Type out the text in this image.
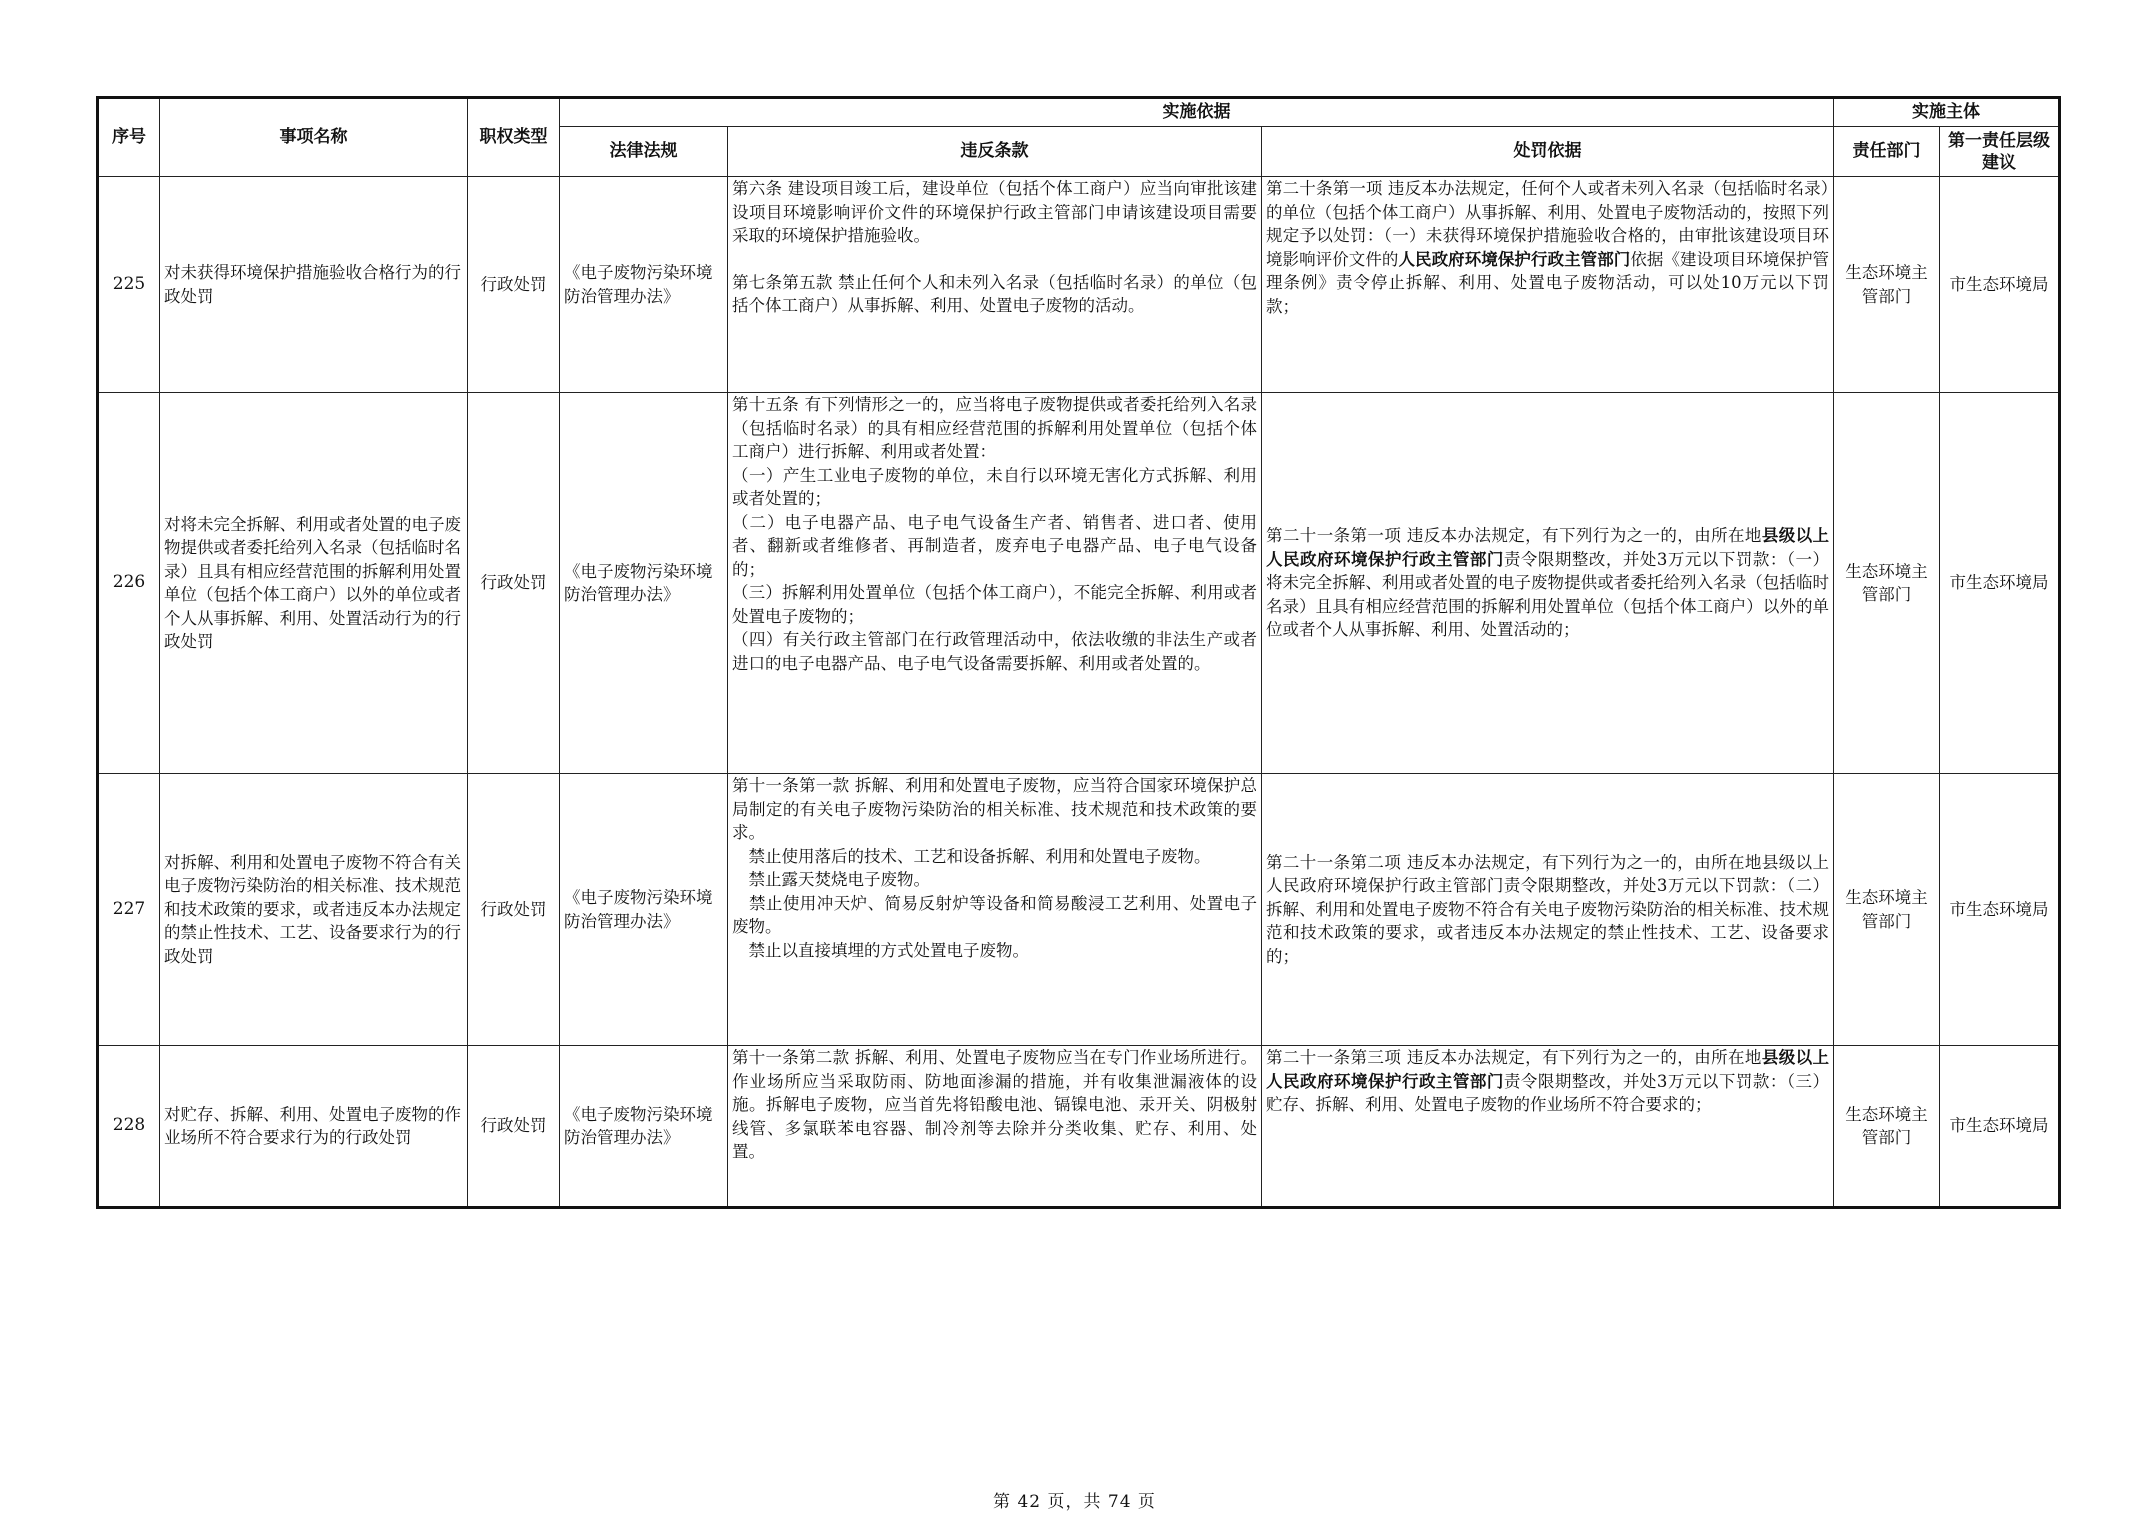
序号	事项名称	职权类型	实施依据			实施主体	
			法律法规	违反条款	处罚依据	责任部门	第一责任层级建议
225	对未获得环境保护措施验收合格行为的行政处罚	行政处罚	《电子废物污染环境防治管理办法》	第六条 建设项目竣工后，建设单位（包括个体工商户）应当向审批该建设项目环境影响评价文件的环境保护行政主管部门申请该建设项目需要采取的环境保护措施验收。

第七条第五款 禁止任何个人和未列入名录（包括临时名录）的单位（包括个体工商户）从事拆解、利用、处置电子废物的活动。	第二十条第一项 违反本办法规定，任何个人或者未列入名录（包括临时名录）的单位（包括个体工商户）从事拆解、利用、处置电子废物活动的，按照下列规定予以处罚：（一）未获得环境保护措施验收合格的，由审批该建设项目环境影响评价文件的人民政府环境保护行政主管部门依据《建设项目环境保护管理条例》责令停止拆解、利用、处置电子废物活动，可以处10万元以下罚款；	生态环境主管部门	市生态环境局
226	对将未完全拆解、利用或者处置的电子废物提供或者委托给列入名录（包括临时名录）且具有相应经营范围的拆解利用处置单位（包括个体工商户）以外的单位或者个人从事拆解、利用、处置活动行为的行政处罚	行政处罚	《电子废物污染环境防治管理办法》	第十五条 有下列情形之一的，应当将电子废物提供或者委托给列入名录（包括临时名录）的具有相应经营范围的拆解利用处置单位（包括个体工商户）进行拆解、利用或者处置：

（一）产生工业电子废物的单位，未自行以环境无害化方式拆解、利用或者处置的；

（二）电子电器产品、电子电气设备生产者、销售者、进口者、使用者、翻新或者维修者、再制造者，废弃电子电器产品、电子电气设备的；

（三）拆解利用处置单位（包括个体工商户），不能完全拆解、利用或者处置电子废物的；

（四）有关行政主管部门在行政管理活动中，依法收缴的非法生产或者进口的电子电器产品、电子电气设备需要拆解、利用或者处置的。	第二十一条第一项 违反本办法规定，有下列行为之一的，由所在地县级以上人民政府环境保护行政主管部门责令限期整改，并处3万元以下罚款：（一）将未完全拆解、利用或者处置的电子废物提供或者委托给列入名录（包括临时名录）且具有相应经营范围的拆解利用处置单位（包括个体工商户）以外的单位或者个人从事拆解、利用、处置活动的；	生态环境主管部门	市生态环境局
227	对拆解、利用和处置电子废物不符合有关电子废物污染防治的相关标准、技术规范和技术政策的要求，或者违反本办法规定的禁止性技术、工艺、设备要求行为的行政处罚	行政处罚	《电子废物污染环境防治管理办法》	第十一条第一款 拆解、利用和处置电子废物，应当符合国家环境保护总局制定的有关电子废物污染防治的相关标准、技术规范和技术政策的要求。

　禁止使用落后的技术、工艺和设备拆解、利用和处置电子废物。

　禁止露天焚烧电子废物。

　禁止使用冲天炉、简易反射炉等设备和简易酸浸工艺利用、处置电子废物。

　禁止以直接填埋的方式处置电子废物。	第二十一条第二项 违反本办法规定，有下列行为之一的，由所在地县级以上人民政府环境保护行政主管部门责令限期整改，并处3万元以下罚款：（二）拆解、利用和处置电子废物不符合有关电子废物污染防治的相关标准、技术规范和技术政策的要求，或者违反本办法规定的禁止性技术、工艺、设备要求的；	生态环境主管部门	市生态环境局
228	对贮存、拆解、利用、处置电子废物的作业场所不符合要求行为的行政处罚	行政处罚	《电子废物污染环境防治管理办法》	第十一条第二款 拆解、利用、处置电子废物应当在专门作业场所进行。作业场所应当采取防雨、防地面渗漏的措施，并有收集泄漏液体的设施。拆解电子废物，应当首先将铅酸电池、镉镍电池、汞开关、阴极射线管、多氯联苯电容器、制冷剂等去除并分类收集、贮存、利用、处置。	第二十一条第三项 违反本办法规定，有下列行为之一的，由所在地县级以上人民政府环境保护行政主管部门责令限期整改，并处3万元以下罚款：（三）贮存、拆解、利用、处置电子废物的作业场所不符合要求的；	生态环境主管部门	市生态环境局
第 42 页，共 74 页
